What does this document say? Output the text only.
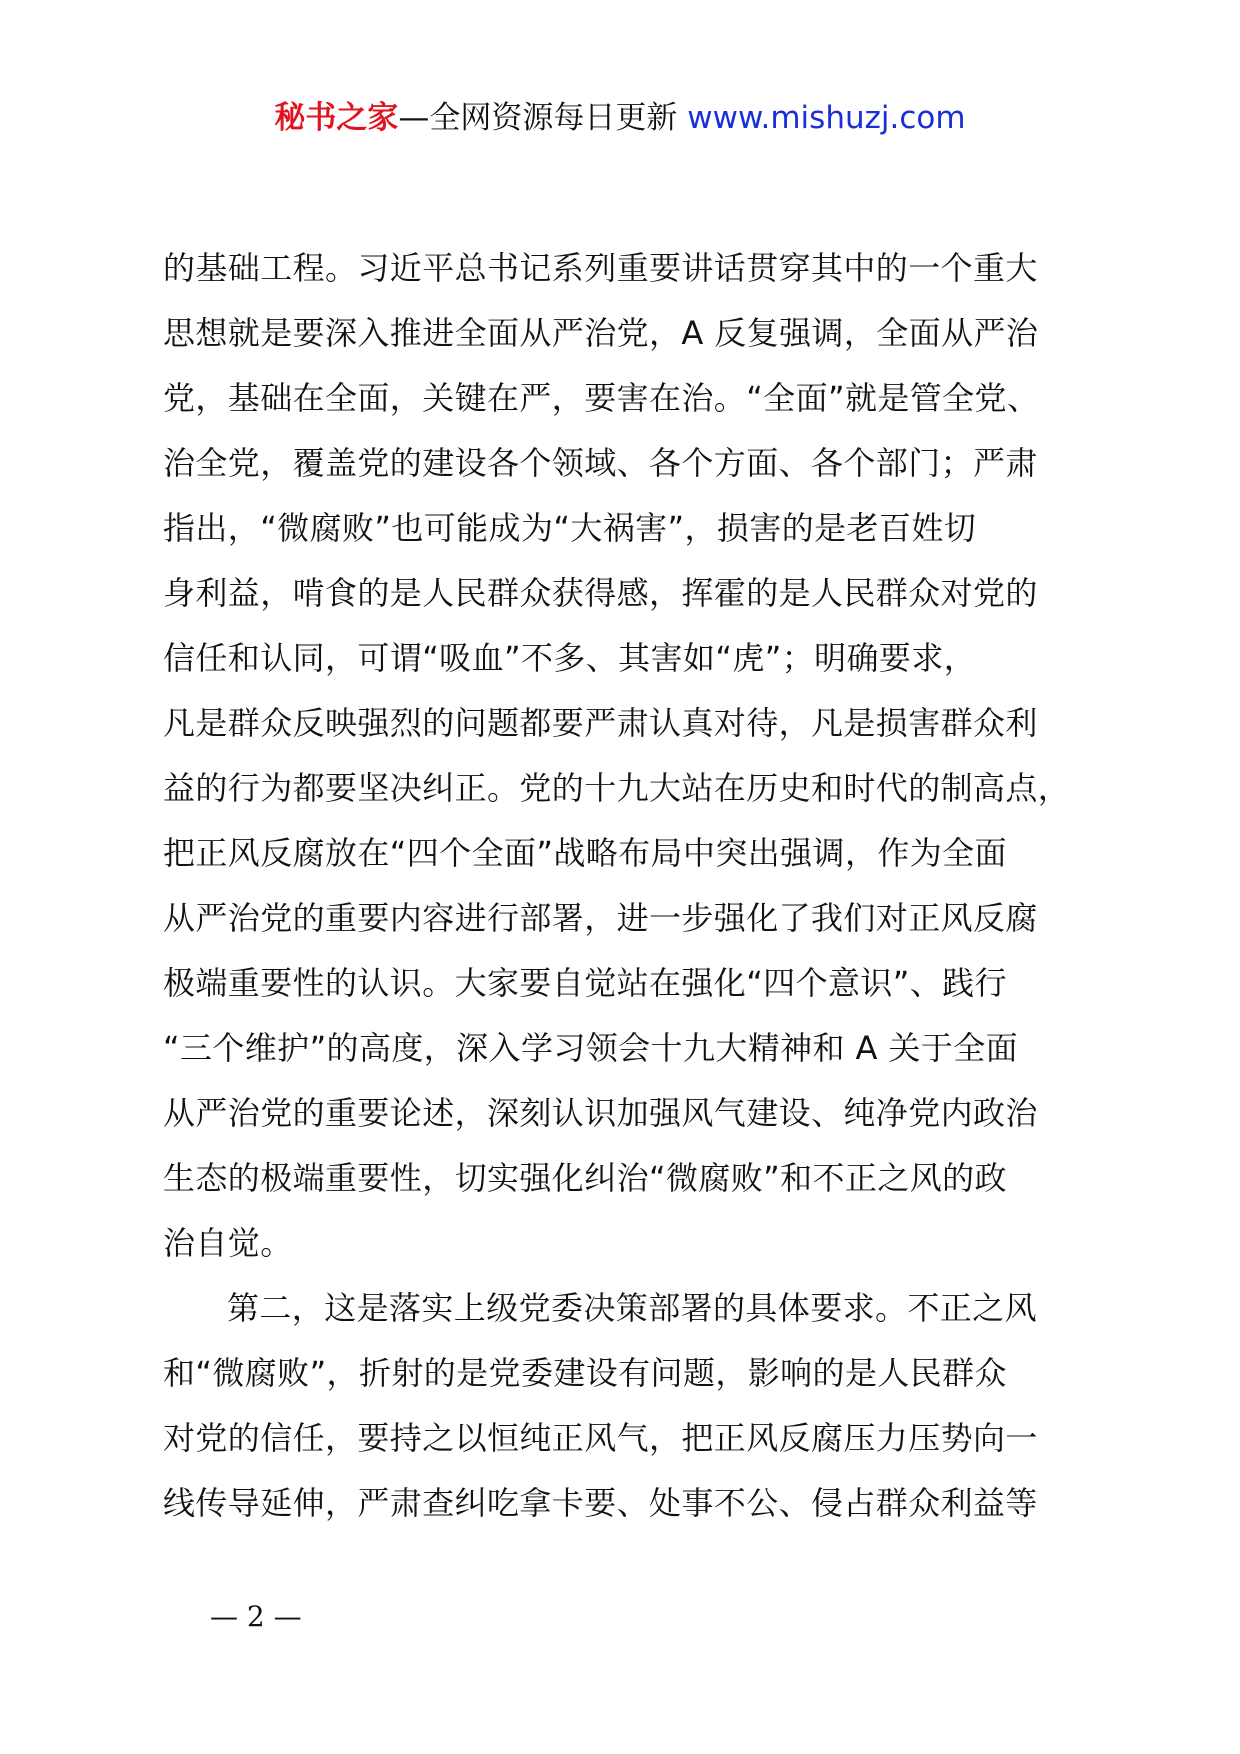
秘书之家—全网资源每日更新 www.mishuzj.com
的基础工程。习近平总书记系列重要讲话贯穿其中的一个重大
思想就是要深入推进全面从严治党，A 反复强调，全面从严治
党，基础在全面，关键在严，要害在治。“全面”就是管全党、
治全党，覆盖党的建设各个领域、各个方面、各个部门；严肃
指出，“微腐败”也可能成为“大祸害”，损害的是老百姓切
身利益，啃食的是人民群众获得感，挥霍的是人民群众对党的
信任和认同，可谓“吸血”不多、其害如“虎”；明确要求，
凡是群众反映强烈的问题都要严肃认真对待，凡是损害群众利
益的行为都要坚决纠正。党的十九大站在历史和时代的制高点，
把正风反腐放在“四个全面”战略布局中突出强调，作为全面
从严治党的重要内容进行部署，进一步强化了我们对正风反腐
极端重要性的认识。大家要自觉站在强化“四个意识”、践行
“三个维护”的高度，深入学习领会十九大精神和 A 关于全面
从严治党的重要论述，深刻认识加强风气建设、纯净党内政治
生态的极端重要性，切实强化纠治“微腐败”和不正之风的政
治自觉。
第二，这是落实上级党委决策部署的具体要求。不正之风
和“微腐败”，折射的是党委建设有问题，影响的是人民群众
对党的信任，要持之以恒纯正风气，把正风反腐压力压势向一
线传导延伸，严肃查纠吃拿卡要、处事不公、侵占群众利益等
— 2 —
